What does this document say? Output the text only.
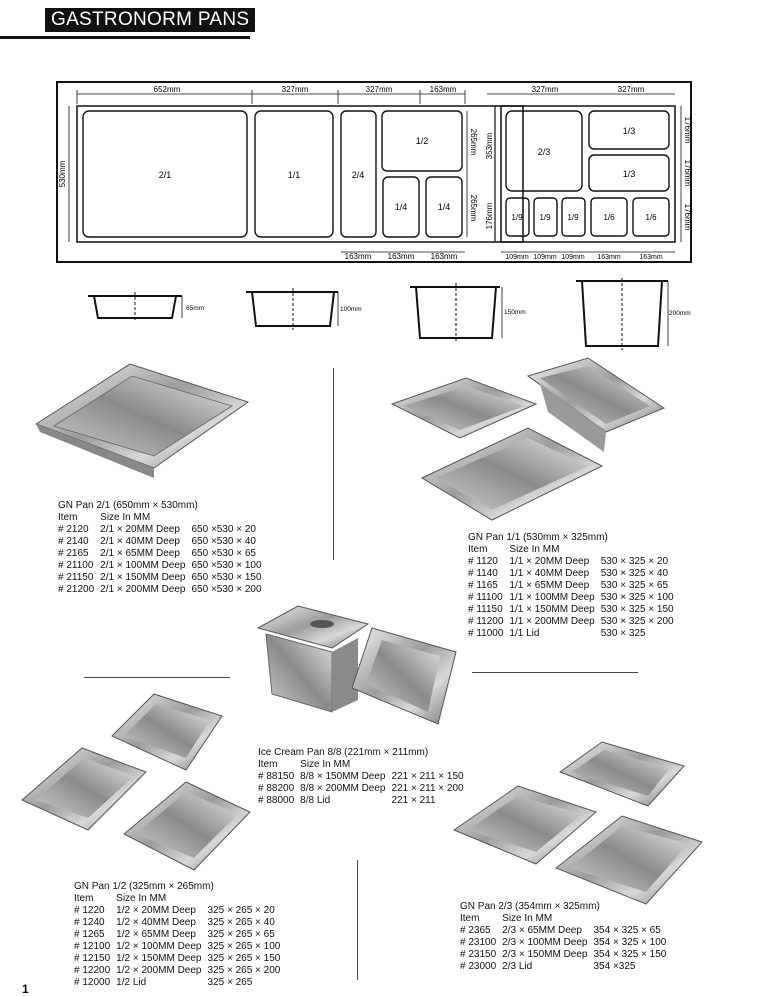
GASTRONORM PANS
652mm	327mm	327mm	163mm
530mm	2/1	1/1	2/4
1/2
1/4	1/4
265mm
265mm
163mm 163mm 163mm
327mm	327mm
353mm
176mm
2/3
1/3
1/3
1/9 1/9 1/9	1/6	1/6
176mm
176mm
176mm
109mm 109mm 109mm 163mm	163mm
65mm	100mm	150mm	200mm
GN Pan 2/1 (650mm × 530mm)
Item	Size In MM	
# 2120	2/1 × 20MM Deep	650 ×530 × 20
# 2140	2/1 × 40MM Deep	650 ×530 × 40
# 2165	2/1 × 65MM Deep	650 ×530 × 65
# 21100	2/1 × 100MM Deep	650 ×530 × 100
# 21150	2/1 × 150MM Deep	650 ×530 × 150
# 21200	2/1 × 200MM Deep	650 ×530 × 200
GN Pan 1/1 (530mm × 325mm)
Item	Size In MM	
# 1120	1/1 × 20MM Deep	530 × 325 × 20
# 1140	1/1 × 40MM Deep	530 × 325 × 40
# 1165	1/1 × 65MM Deep	530 × 325 × 65
# 11100	1/1 × 100MM Deep	530 × 325 × 100
# 11150	1/1 × 150MM Deep	530 × 325 × 150
# 11200	1/1 × 200MM Deep	530 × 325 × 200
# 11000	1/1 Lid	530 × 325
Ice Cream Pan 8/8 (221mm × 211mm)
Item	Size In MM	
# 88150	8/8 × 150MM Deep	221 × 211 × 150
# 88200	8/8 × 200MM Deep	221 × 211 × 200
# 88000	8/8 Lid	221 × 211
GN Pan 1/2 (325mm × 265mm)
Item	Size In MM	
# 1220	1/2 × 20MM Deep	325 × 265 × 20
# 1240	1/2 × 40MM Deep	325 × 265 × 40
# 1265	1/2 × 65MM Deep	325 × 265 × 65
# 12100	1/2 × 100MM Deep	325 × 265 × 100
# 12150	1/2 × 150MM Deep	325 × 265 × 150
# 12200	1/2 × 200MM Deep	325 × 265 × 200
# 12000	1/2 Lid	325 × 265
GN Pan 2/3 (354mm × 325mm)
Item	Size In MM	
# 2365	2/3 × 65MM Deep	354 × 325 × 65
# 23100	2/3 × 100MM Deep	354 × 325 × 100
# 23150	2/3 × 150MM Deep	354 × 325 × 150
# 23000	2/3 Lid	354 ×325
1
